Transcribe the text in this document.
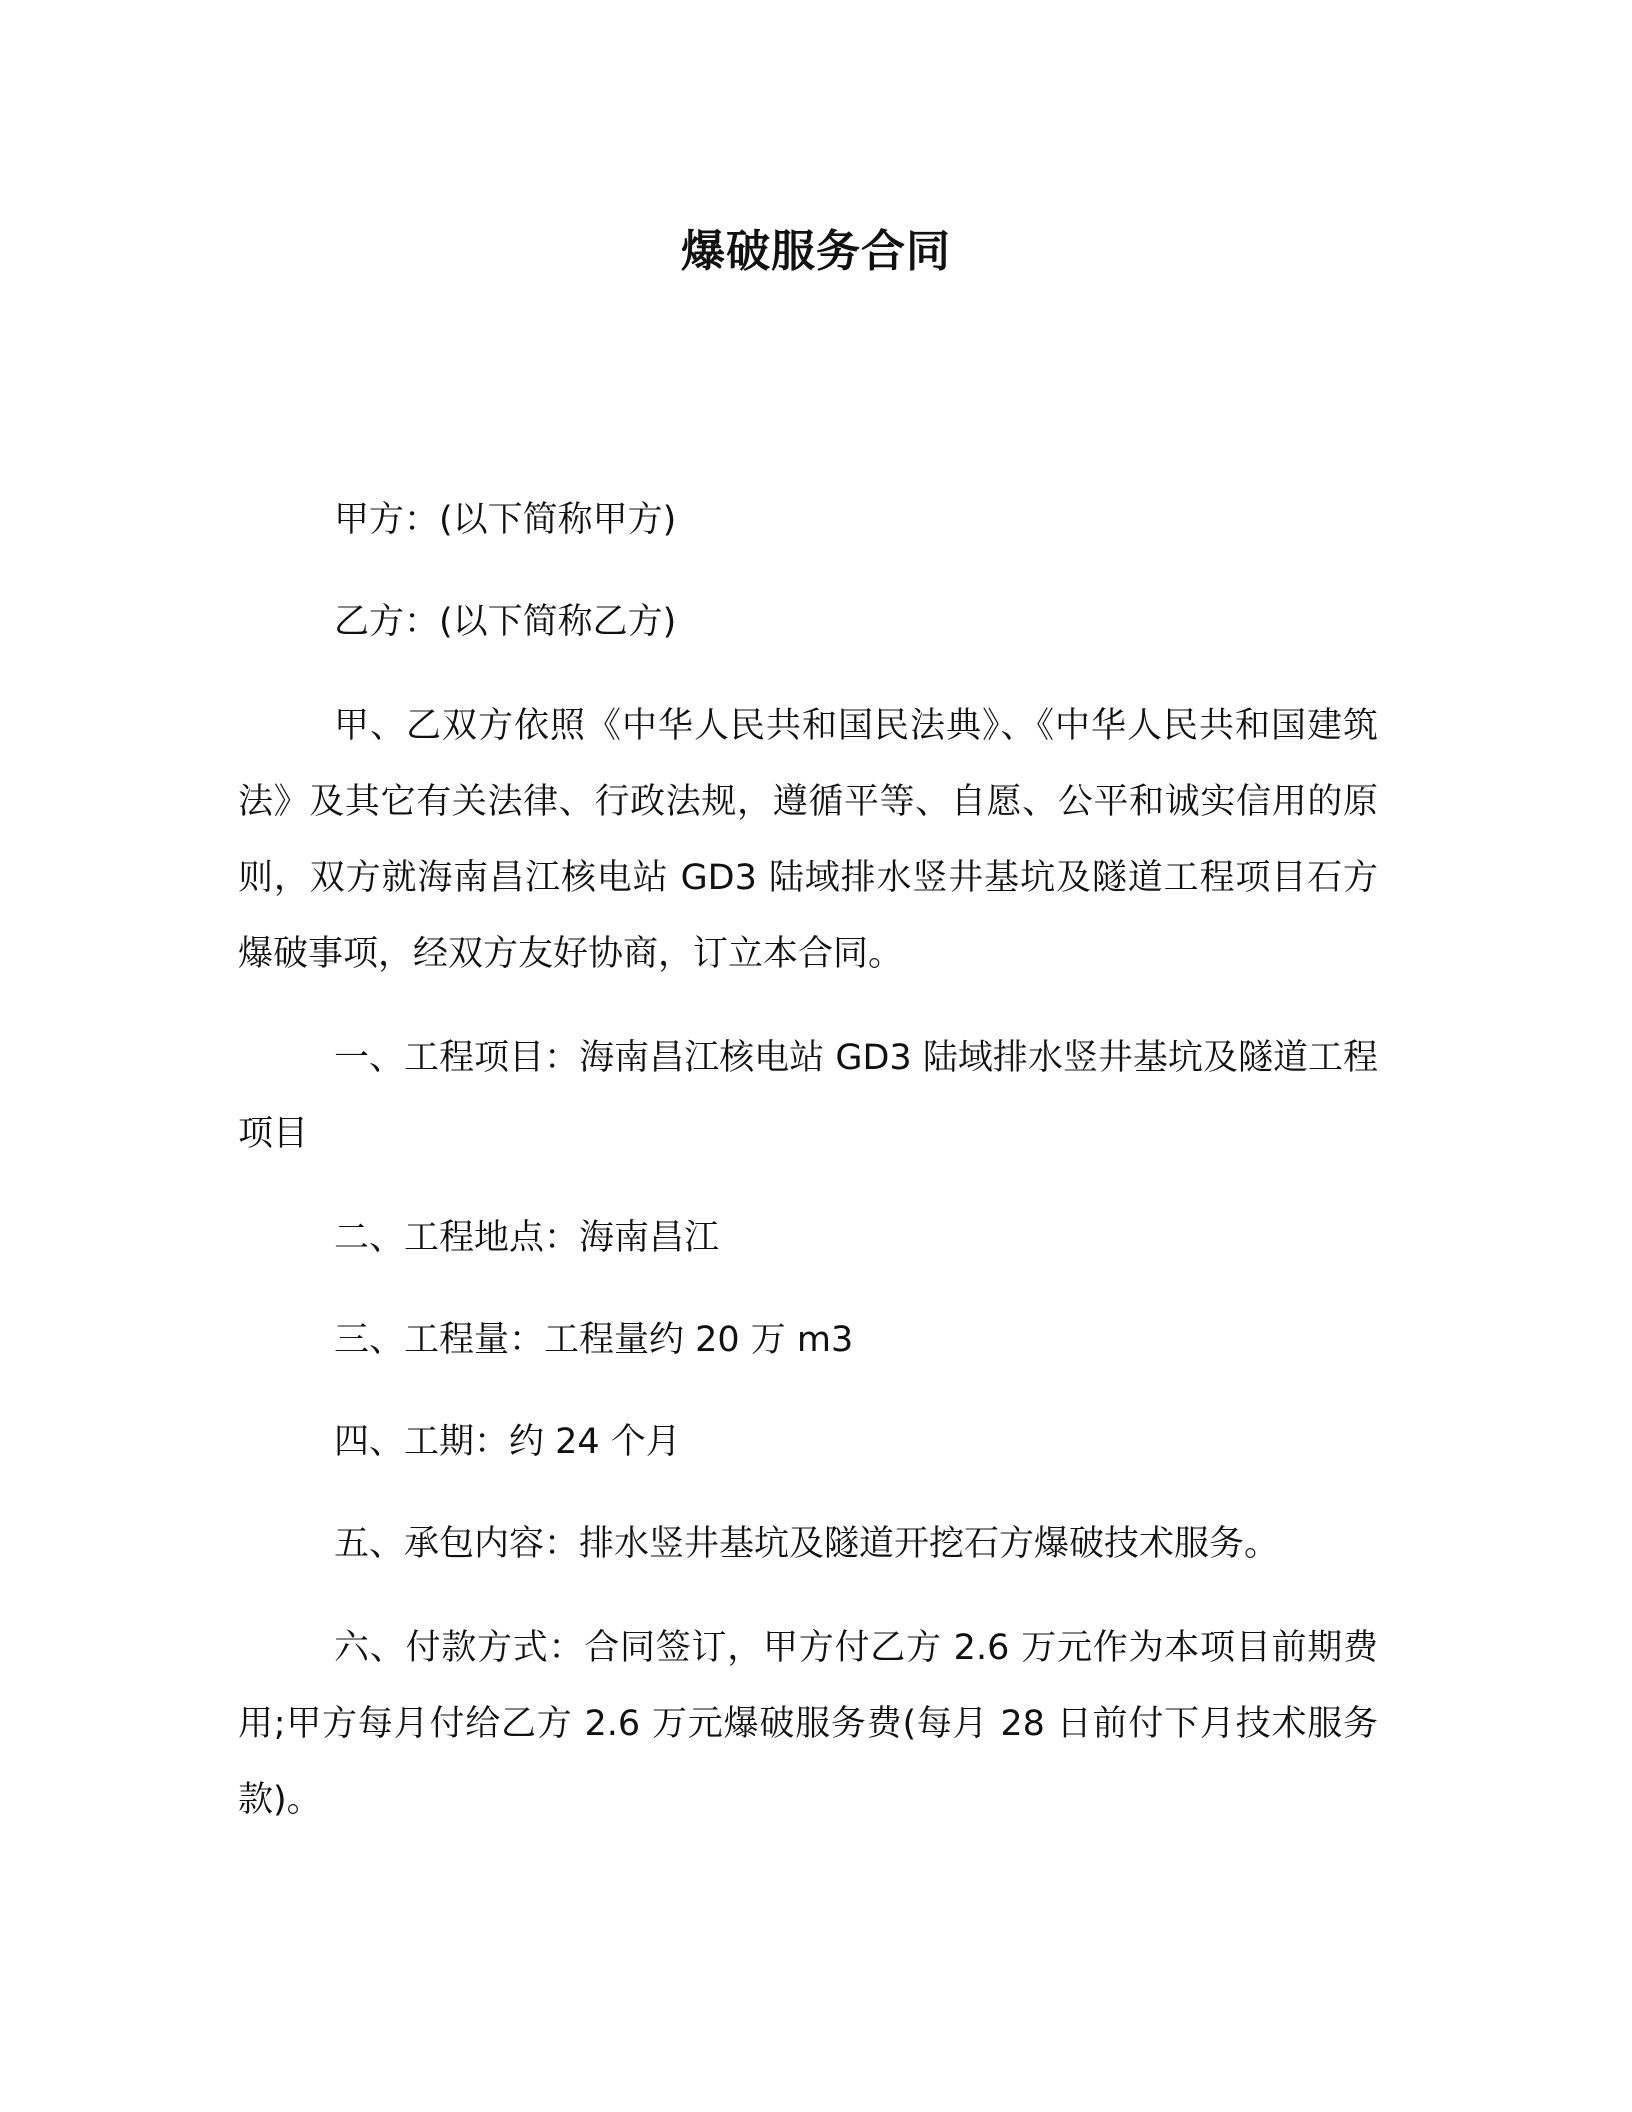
爆破服务合同

甲方：(以下简称甲方)

乙方：(以下简称乙方)

甲、乙双方依照《中华人民共和国民法典》、《中华人民共和国建筑法》及其它有关法律、行政法规，遵循平等、自愿、公平和诚实信用的原则，双方就海南昌江核电站 GD3 陆域排水竖井基坑及隧道工程项目石方爆破事项，经双方友好协商，订立本合同。

一、工程项目：海南昌江核电站 GD3 陆域排水竖井基坑及隧道工程项目

二、工程地点：海南昌江

三、工程量：工程量约 20 万 m3

四、工期：约 24 个月

五、承包内容：排水竖井基坑及隧道开挖石方爆破技术服务。

六、付款方式：合同签订，甲方付乙方 2.6 万元作为本项目前期费用;甲方每月付给乙方 2.6 万元爆破服务费(每月 28 日前付下月技术服务款)。
